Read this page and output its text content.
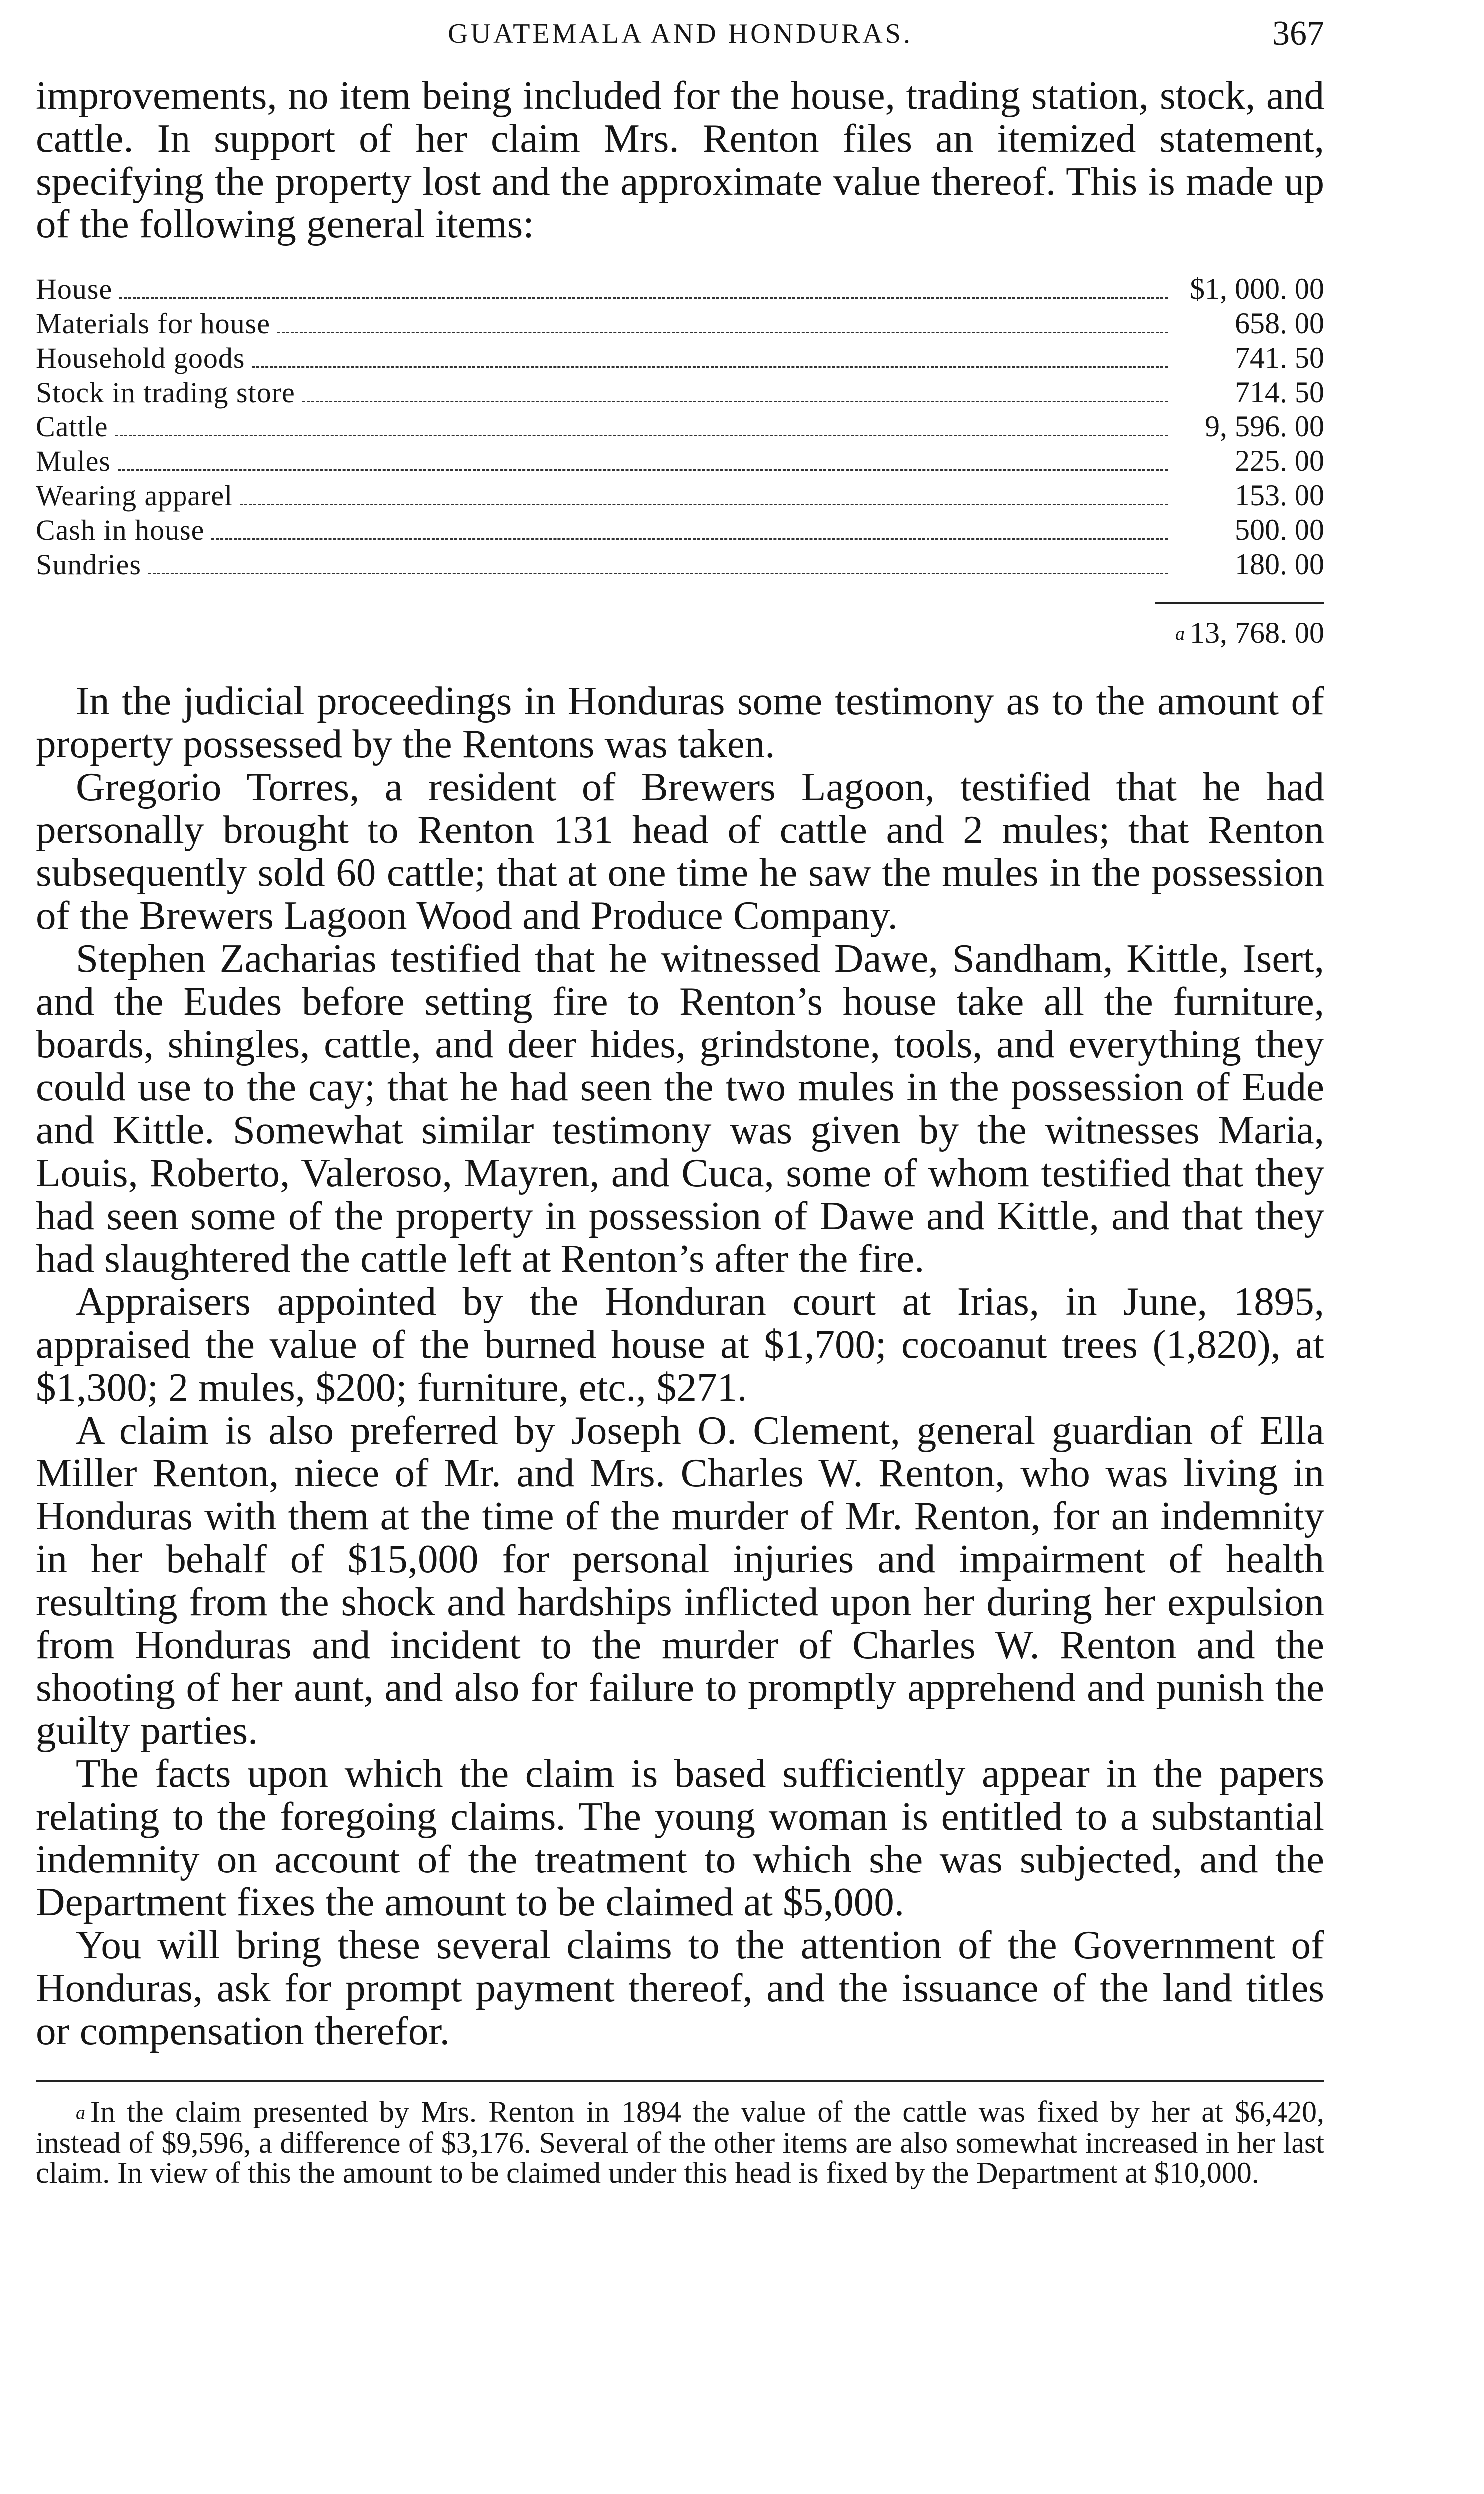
GUATEMALA AND HONDURAS.	367

improvements, no item being included for the house, trading station, stock, and cattle. In support of her claim Mrs. Renton files an itemized statement, specifying the property lost and the approximate value thereof. This is made up of the following general items:

House	$1, 000. 00
Materials for house	658. 00
Household goods	741. 50
Stock in trading store	714. 50
Cattle	9, 596. 00
Mules	225. 00
Wearing apparel	153. 00
Cash in house	500. 00
Sundries	180. 00
a 13, 768. 00

In the judicial proceedings in Honduras some testimony as to the amount of property possessed by the Rentons was taken.

Gregorio Torres, a resident of Brewers Lagoon, testified that he had personally brought to Renton 131 head of cattle and 2 mules; that Renton subsequently sold 60 cattle; that at one time he saw the mules in the possession of the Brewers Lagoon Wood and Produce Company.

Stephen Zacharias testified that he witnessed Dawe, Sandham, Kittle, Isert, and the Eudes before setting fire to Renton’s house take all the furniture, boards, shingles, cattle, and deer hides, grindstone, tools, and everything they could use to the cay; that he had seen the two mules in the possession of Eude and Kittle. Somewhat similar testimony was given by the witnesses Maria, Louis, Roberto, Valeroso, Mayren, and Cuca, some of whom testified that they had seen some of the property in possession of Dawe and Kittle, and that they had slaughtered the cattle left at Renton’s after the fire.

Appraisers appointed by the Honduran court at Irias, in June, 1895, appraised the value of the burned house at $1,700; cocoanut trees (1,820), at $1,300; 2 mules, $200; furniture, etc., $271.

A claim is also preferred by Joseph O. Clement, general guardian of Ella Miller Renton, niece of Mr. and Mrs. Charles W. Renton, who was living in Honduras with them at the time of the murder of Mr. Renton, for an indemnity in her behalf of $15,000 for personal injuries and impairment of health resulting from the shock and hardships inflicted upon her during her expulsion from Honduras and incident to the murder of Charles W. Renton and the shooting of her aunt, and also for failure to promptly apprehend and punish the guilty parties.

The facts upon which the claim is based sufficiently appear in the papers relating to the foregoing claims. The young woman is entitled to a substantial indemnity on account of the treatment to which she was subjected, and the Department fixes the amount to be claimed at $5,000.

You will bring these several claims to the attention of the Government of Honduras, ask for prompt payment thereof, and the issuance of the land titles or compensation therefor.

a In the claim presented by Mrs. Renton in 1894 the value of the cattle was fixed by her at $6,420, instead of $9,596, a difference of $3,176. Several of the other items are also somewhat increased in her last claim. In view of this the amount to be claimed under this head is fixed by the Department at $10,000.
